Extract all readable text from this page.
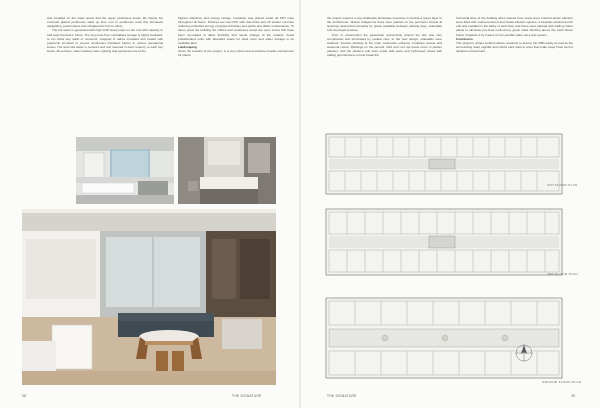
was installed on the lower levels and the upper penthouse levels. By having the enclosed glazed penthouse walls up from roof to penthouse level this increased daylighting, performance and mitigated the font to effect.

The hot water is generated with high COP heat pumps on the roof with capacity to add solar thermal in future. The dog mats from centralised storage is highly insulated, to run shirts any walls or convenor, wrapped in radios insulated and sealed with polymeric emulsion to ensure continuous insulation barrier to reduce operational losses. Hot and cold water is metered and sub metered in each tenancy to each key levels. All services, water sanitary ware, lighting and equipment are of the

highest efficiency and energy ratings. Insulation was placed under all FFH mats throughout all floors. Finishes are low-VOC with face-brick and off shutter concrete reducing embodied energy of plywood finishes and paints and offsite maintenance. To future proof the building the offices and residences areas are open zones that have been dry-walled to allow flexibility and needs change of the tenants. Avoid prefabricated units with allocated space for plant room and water storage to be available later.

Landscaping

Given the location of the project, in a very urban and sometimes hostile environment for plants,

38	THE SIGNATURE

the project requires a very deliberate landscape response to provide a green layer to the architecture. Mature indigenous trees were planted on the perimeter streets at spacings determined primarily by space available between parking bays, sidewalks and municipal services.

Prior to construction the pedestrian connectivity around the site was very complicated and dominated by parked cars. In the new design, sidewalks were widened. Feature planting at the main pedestrian entrance combines texture and seasonal colour. Plantings on the second, third and roof top levels occur in planter planters, and the planters edit were made with sewn and hydroseed mixed with trailing groundcovers to help break the

horizontal lines of the building when viewed from street level. Internal atrium planters were filled with coarse-textured and shade-tolerant species. A bespoke planted bench unit was installed in the lobby of each floor and these were planted with trailing indoor plants to eliminate pre-level multi-storey green walls climbing above the trash flower below. Irrigation is by means of non-potable water via a drip system.

Conclusion

This project's unique location allows residents to access the CBD easily as well as the surrounding retail, nightlife and Cloths hard mark to enter that make Cape Town such a dynamic environment.

4TH FLOOR PLAN
2ND FLOOR PLAN
GROUND FLOOR PLAN
THE SIGNATURE	39
